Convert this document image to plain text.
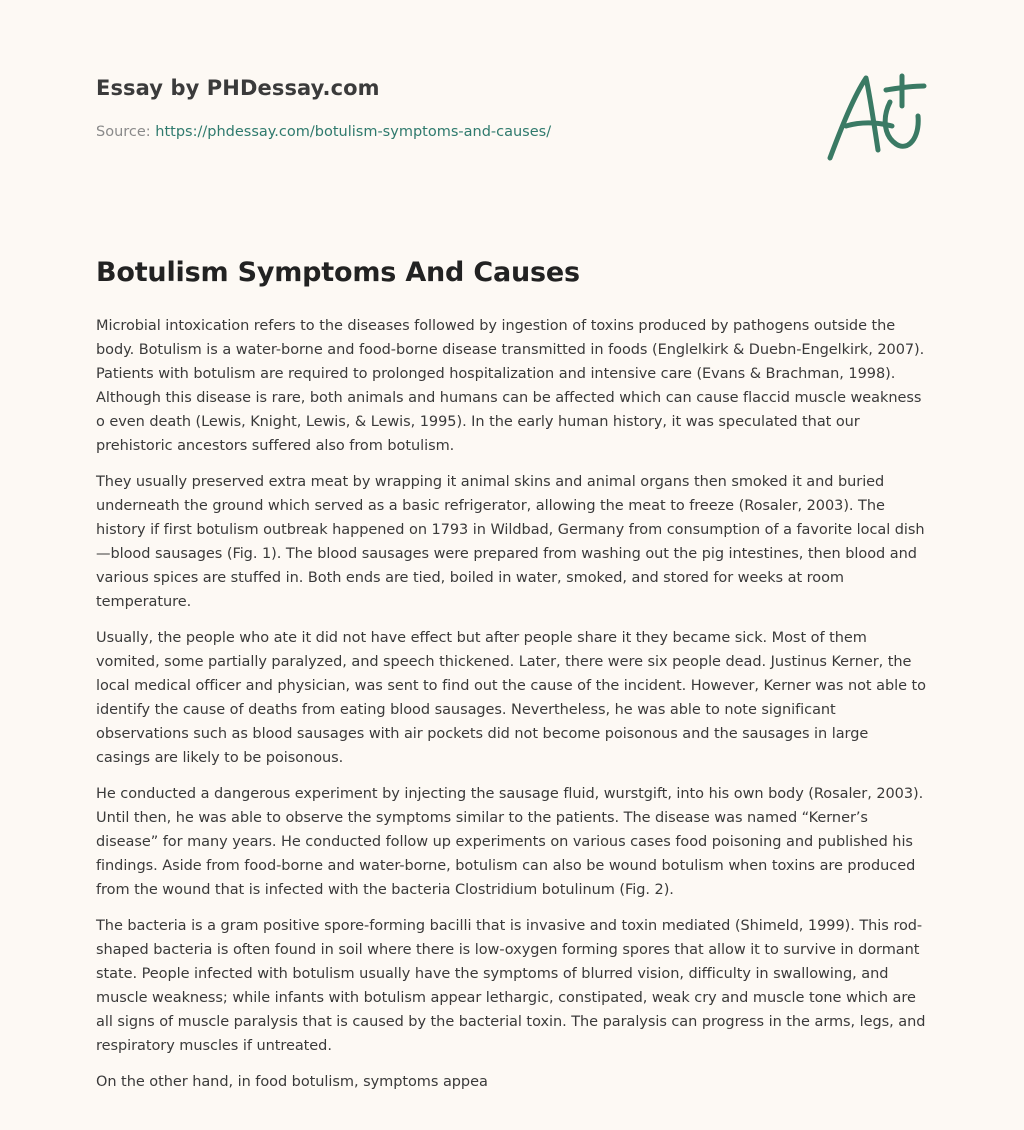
Essay by PHDessay.com
Source: https://phdessay.com/botulism-symptoms-and-causes/
Botulism Symptoms And Causes

Microbial intoxication refers to the diseases followed by ingestion of toxins produced by pathogens outside the body. Botulism is a water-borne and food-borne disease transmitted in foods (Englelkirk & Duebn-Engelkirk, 2007). Patients with botulism are required to prolonged hospitalization and intensive care (Evans & Brachman, 1998). Although this disease is rare, both animals and humans can be affected which can cause flaccid muscle weakness o even death (Lewis, Knight, Lewis, & Lewis, 1995). In the early human history, it was speculated that our prehistoric ancestors suffered also from botulism.

They usually preserved extra meat by wrapping it animal skins and animal organs then smoked it and buried underneath the ground which served as a basic refrigerator, allowing the meat to freeze (Rosaler, 2003). The history if first botulism outbreak happened on 1793 in Wildbad, Germany from consumption of a favorite local dish—blood sausages (Fig. 1). The blood sausages were prepared from washing out the pig intestines, then blood and various spices are stuffed in. Both ends are tied, boiled in water, smoked, and stored for weeks at room temperature.

Usually, the people who ate it did not have effect but after people share it they became sick. Most of them vomited, some partially paralyzed, and speech thickened. Later, there were six people dead. Justinus Kerner, the local medical officer and physician, was sent to find out the cause of the incident. However, Kerner was not able to identify the cause of deaths from eating blood sausages. Nevertheless, he was able to note significant observations such as blood sausages with air pockets did not become poisonous and the sausages in large casings are likely to be poisonous.

He conducted a dangerous experiment by injecting the sausage fluid, wurstgift, into his own body (Rosaler, 2003). Until then, he was able to observe the symptoms similar to the patients. The disease was named “Kerner’s disease” for many years. He conducted follow up experiments on various cases food poisoning and published his findings. Aside from food-borne and water-borne, botulism can also be wound botulism when toxins are produced from the wound that is infected with the bacteria Clostridium botulinum (Fig. 2).

The bacteria is a gram positive spore-forming bacilli that is invasive and toxin mediated (Shimeld, 1999). This rod-shaped bacteria is often found in soil where there is low-oxygen forming spores that allow it to survive in dormant state. People infected with botulism usually have the symptoms of blurred vision, difficulty in swallowing, and muscle weakness; while infants with botulism appear lethargic, constipated, weak cry and muscle tone which are all signs of muscle paralysis that is caused by the bacterial toxin. The paralysis can progress in the arms, legs, and respiratory muscles if untreated.

On the other hand, in food botulism, symptoms appea
